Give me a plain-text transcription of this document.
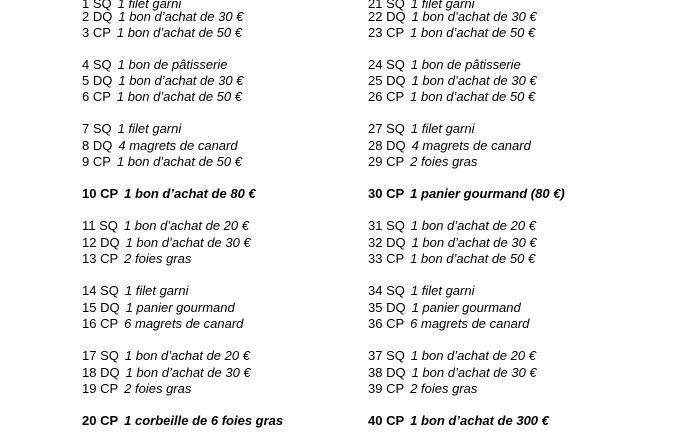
1 SQ 1 filet garni
2 DQ 1 bon d’achat de 30 €
3 CP 1 bon d’achat de 50 €
4 SQ 1 bon de pâtisserie
5 DQ 1 bon d’achat de 30 €
6 CP 1 bon d’achat de 50 €
7 SQ 1 filet garni
8 DQ 4 magrets de canard
9 CP 1 bon d’achat de 50 €
10 CP 1 bon d’achat de 80 €
11 SQ 1 bon d’achat de 20 €
12 DQ 1 bon d’achat de 30 €
13 CP 2 foies gras
14 SQ 1 filet garni
15 DQ 1 panier gourmand
16 CP 6 magrets de canard
17 SQ 1 bon d’achat de 20 €
18 DQ 1 bon d’achat de 30 €
19 CP 2 foies gras
20 CP 1 corbeille de 6 foies gras
21 SQ 1 filet garni
22 DQ 1 bon d’achat de 30 €
23 CP 1 bon d’achat de 50 €
24 SQ 1 bon de pâtisserie
25 DQ 1 bon d’achat de 30 €
26 CP 1 bon d’achat de 50 €
27 SQ 1 filet garni
28 DQ 4 magrets de canard
29 CP 2 foies gras
30 CP 1 panier gourmand (80 €)
31 SQ 1 bon d’achat de 20 €
32 DQ 1 bon d’achat de 30 €
33 CP 1 bon d’achat de 50 €
34 SQ 1 filet garni
35 DQ 1 panier gourmand
36 CP 6 magrets de canard
37 SQ 1 bon d’achat de 20 €
38 DQ 1 bon d’achat de 30 €
39 CP 2 foies gras
40 CP 1 bon d’achat de 300 €
